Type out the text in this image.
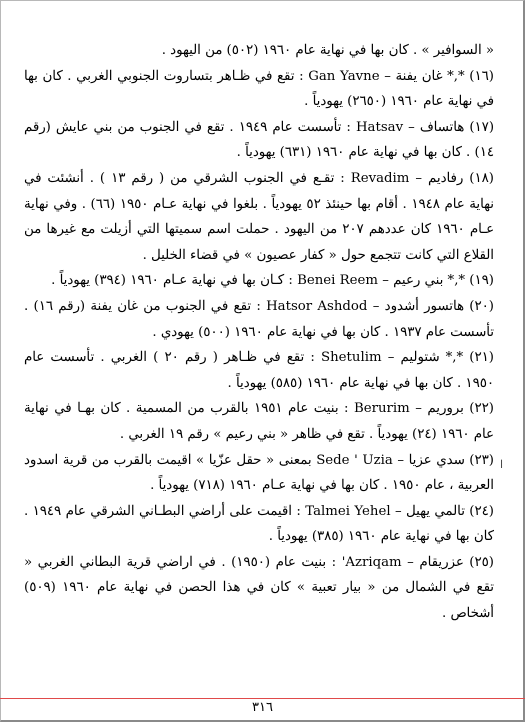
« السوافير » . كان بها في نهاية عام ١٩٦٠ (٥٠٢) من اليهود .

(١٦) *,* غان يفنة – Gan Yavne : تقع في ظـاهر بتساروت الجنوبي الغربي . كان بها في نهاية عام ١٩٦٠ (٢٦٥٠) يهودياً .

(١٧) هاتساف – Hatsav : تأسست عام ١٩٤٩ . تقع في الجنوب من بني عايش (رقم ١٤) . كان بها في نهاية عام ١٩٦٠ (٦٣١) يهودياً .

(١٨) رفاديم – Revadim : تقـع في الجنوب الشرقي من ( رقم ١٣ ) . أنشئت في نهاية عام ١٩٤٨ . أقام بها حينئذ ٥٢ يهودياً . بلغوا في نهاية عـام ١٩٥٠ (٦٦) . وفي نهاية عـام ١٩٦٠ كان عددهم ٢٠٧ من اليهود . حملت اسم سميتها التي أزيلت مع غيرها من القلاع التي كانت تتجمع حول « كفار عصيون » في قضاء الخليل .

(١٩) *,* بني رعيم – Benei Reem : كـان بها في نهاية عـام ١٩٦٠ (٣٩٤) يهودياً .

(٢٠) هاتسور أشدود – Hatsor Ashdod : تقع في الجنوب من غان يفنة (رقم ١٦) . تأسست عام ١٩٣٧ . كان بها في نهاية عام ١٩٦٠ (٥٠٠) يهودي .

(٢١) *,* شتوليم – Shetulim : تقع في ظـاهر ( رقم ٢٠ ) الغربي . تأسست عام ١٩٥٠ . كان بها في نهاية عام ١٩٦٠ (٥٨٥) يهودياً .

(٢٢) بروريم – Berurim : بنيت عام ١٩٥١ بالقرب من المسمية . كان بهـا في نهاية عام ١٩٦٠ (٢٤) يهودياً . تقع في ظاهر « بني رعيم » رقم ١٩ الغربي .

(٢٣) سدي عزيا – Sede ' Uzia بمعنى « حقل عزّيا » اقيمت بالقرب من قرية اسدود العربية ، عام ١٩٥٠ . كان بها في نهاية عـام ١٩٦٠ (٧١٨) يهودياً .

(٢٤) تالمي يهيل – Talmei Yehel : اقيمت على أراضي البطـاني الشرقي عام ١٩٤٩ . كان بها في نهاية عام ١٩٦٠ (٣٨٥) يهودياً .

(٢٥) عزريقام – Azriqam' : بنيت عام (١٩٥٠) . في اراضي قرية البطاني الغربي « تقع في الشمال من « بيار تعبية » كان في هذا الحصن في نهاية عام ١٩٦٠ (٥٠٩) أشخاص .

ا
٣١٦
